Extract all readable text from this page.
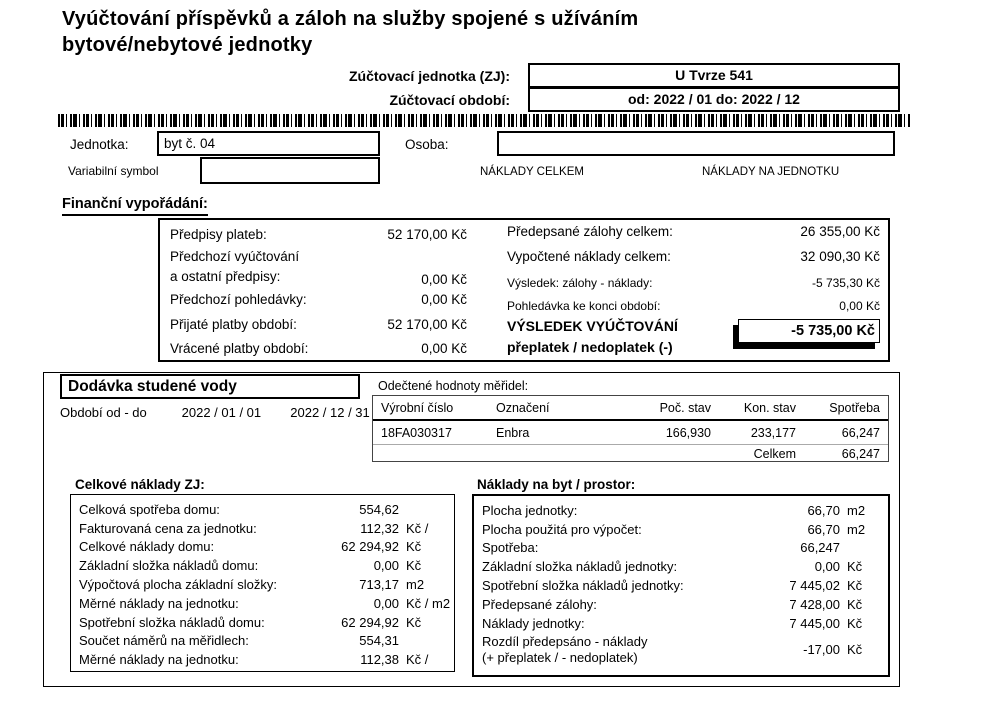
Vyúčtování příspěvků a záloh na služby spojené s užíváním
bytové/nebytové jednotky
Zúčtovací jednotka (ZJ):	U Tvrze 541
Zúčtovací období:	od: 2022 / 01 do: 2022 / 12
Jednotka:	byt č. 04	Osoba:
Variabilní symbol	NÁKLADY CELKEM	NÁKLADY NA JEDNOTKU
Finanční vypořádání:
Předpisy plateb:	52 170,00 Kč
Předchozí vyúčtování
a ostatní předpisy:	0,00 Kč
Předchozí pohledávky:	0,00 Kč
Přijaté platby období:	52 170,00 Kč
Vrácené platby období:	0,00 Kč
Předepsané zálohy celkem:	26 355,00 Kč
Vypočtené náklady celkem:	32 090,30 Kč
Výsledek: zálohy - náklady:	-5 735,30 Kč
Pohledávka ke konci období:	0,00 Kč
VÝSLEDEK VYÚČTOVÁNÍ
přeplatek / nedoplatek (-)
-5 735,00 Kč
Dodávka studené vody
Období od - do	2022 / 01 / 01 2022 / 12 / 31
Odečtené hodnoty měřidel:
Výrobní číslo	Označení	Poč. stav	Kon. stav	Spotřeba
18FA030317	Enbra	166,930	233,177	66,247
Celkem	66,247
Celkové náklady ZJ:
Celková spotřeba domu:	554,62
Fakturovaná cena za jednotku:	112,32 Kč /
Celkové náklady domu:	62 294,92 Kč
Základní složka nákladů domu:	0,00 Kč
Výpočtová plocha základní složky:	713,17 m2
Měrné náklady na jednotku:	0,00 Kč / m2
Spotřební složka nákladů domu:	62 294,92 Kč
Součet náměrů na měřidlech:	554,31
Měrné náklady na jednotku:	112,38 Kč /
Náklady na byt / prostor:
Plocha jednotky:	66,70 m2
Plocha použitá pro výpočet:	66,70 m2
Spotřeba:	66,247
Základní složka nákladů jednotky:	0,00 Kč
Spotřební složka nákladů jednotky:	7 445,02 Kč
Předepsané zálohy:	7 428,00 Kč
Náklady jednotky:	7 445,00 Kč
Rozdíl předepsáno - náklady
(+ přeplatek / - nedoplatek)	-17,00 Kč
